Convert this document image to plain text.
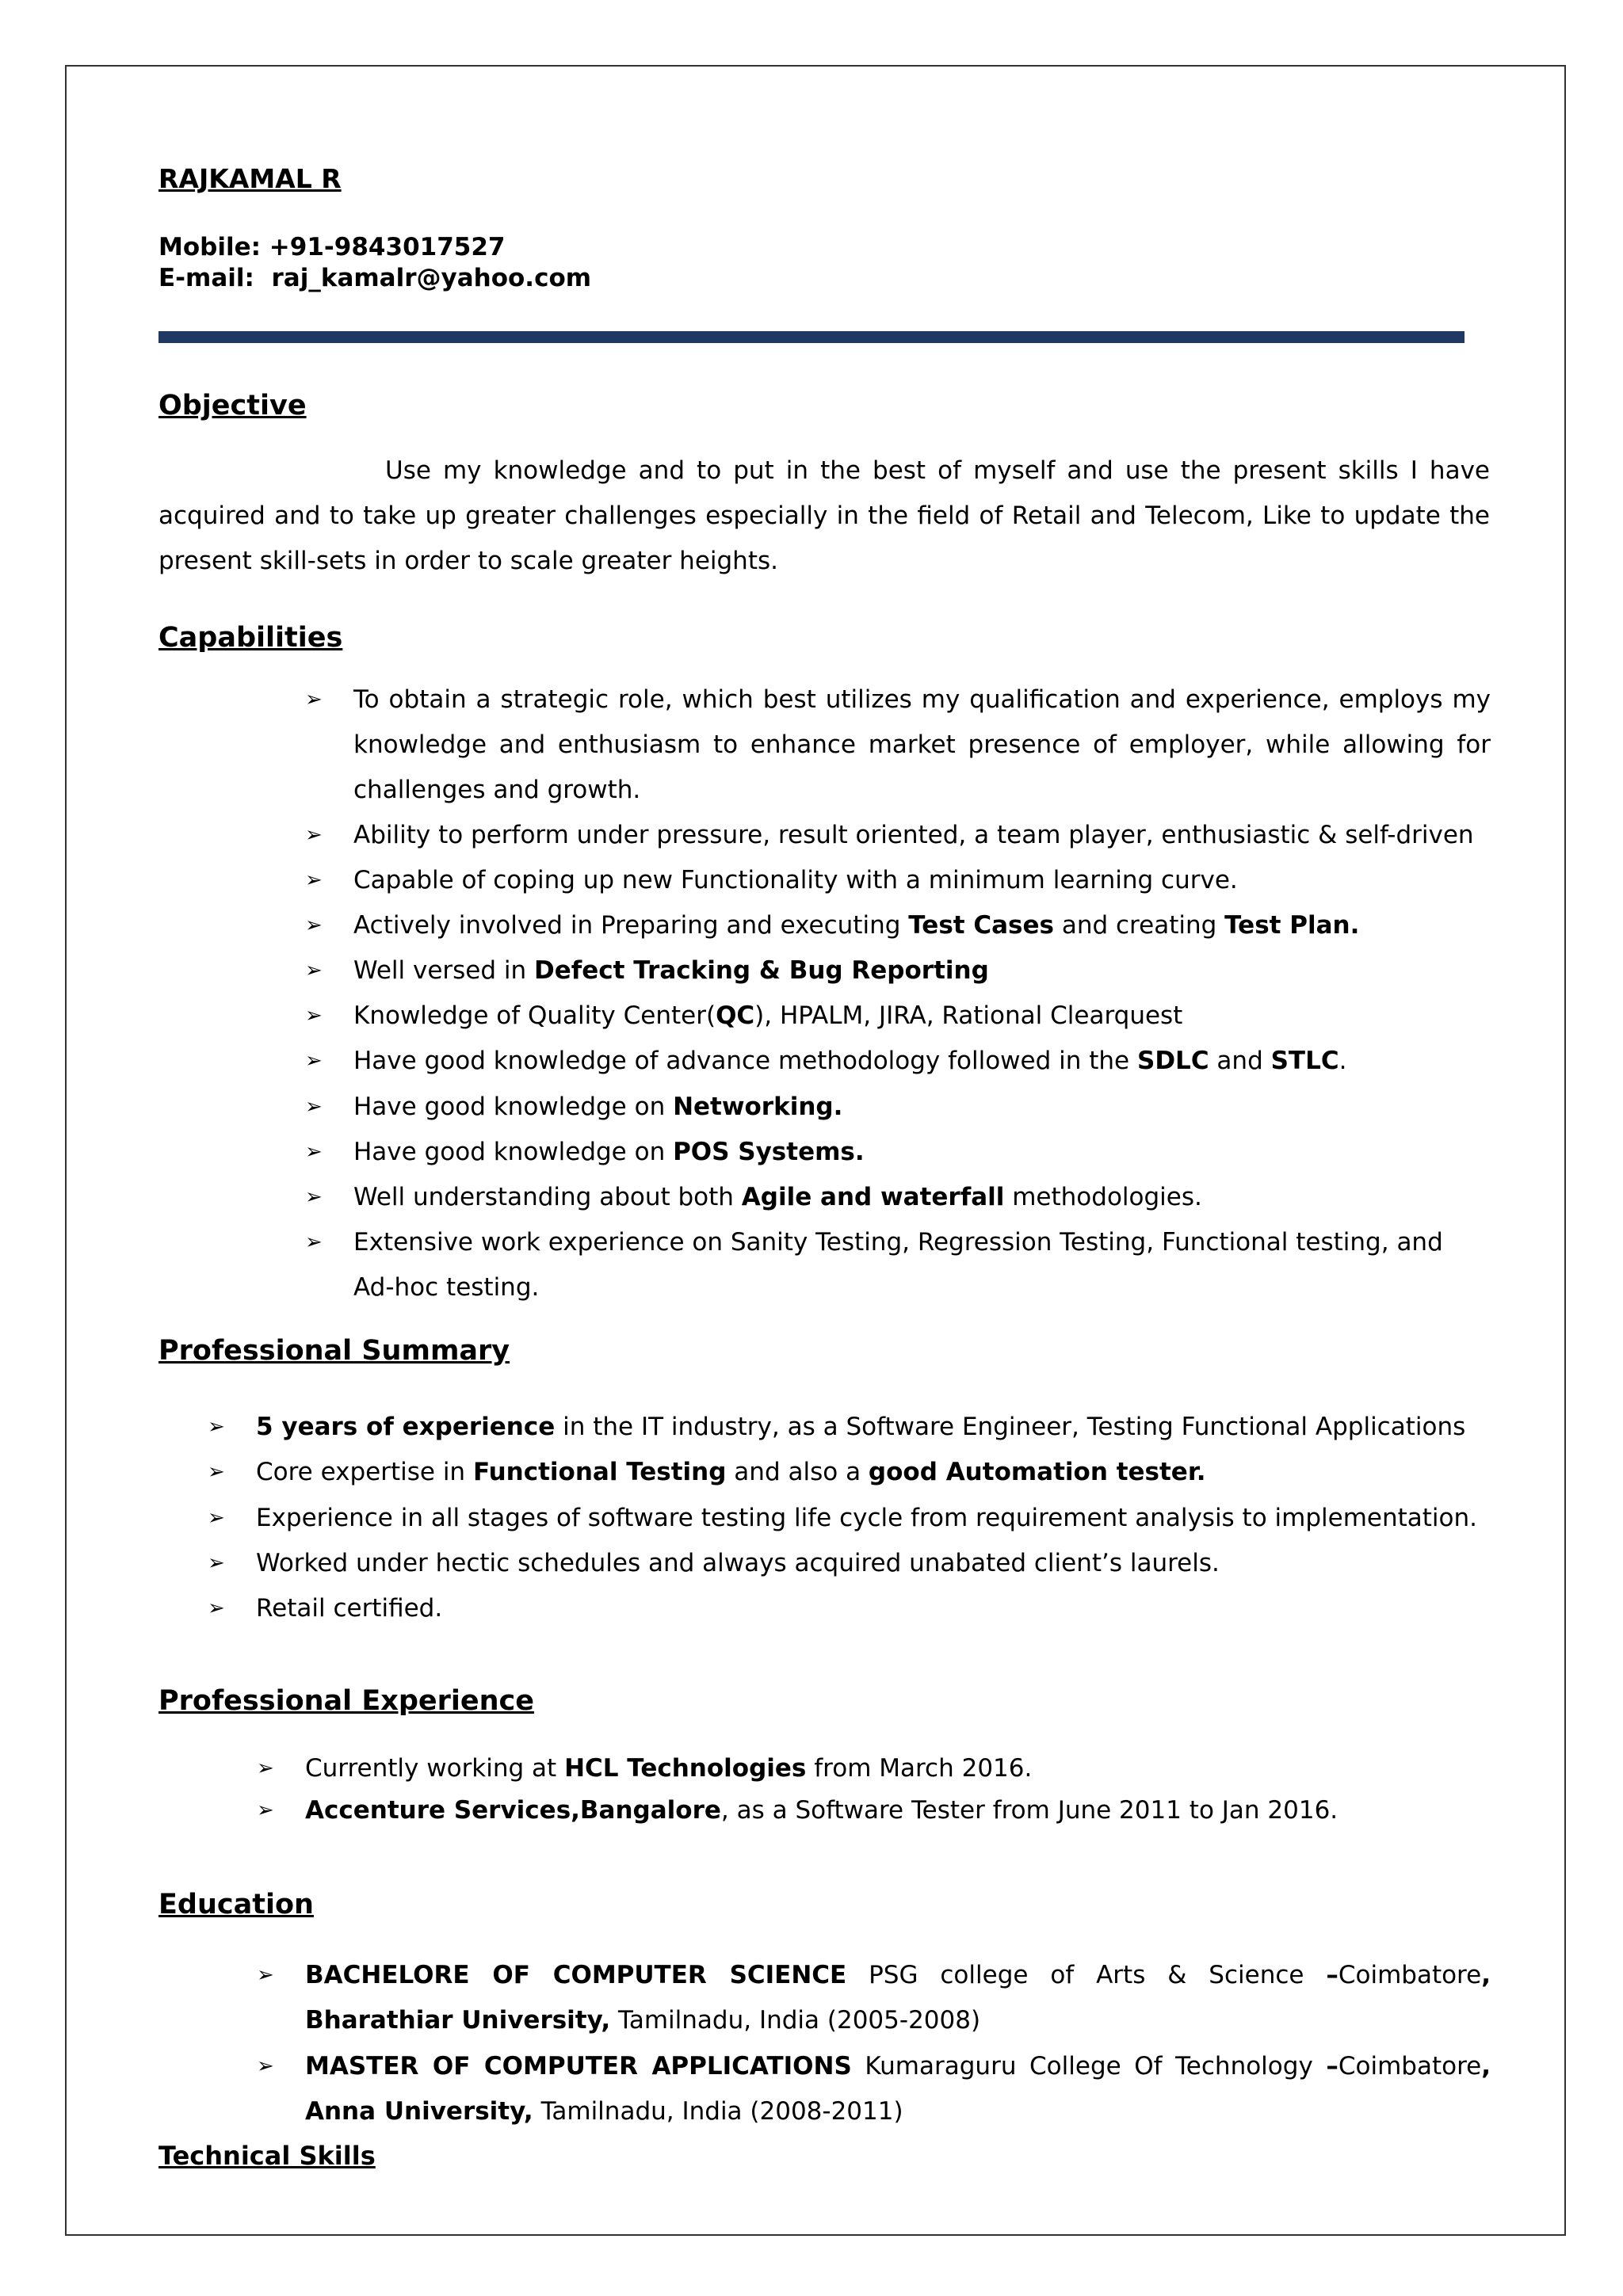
RAJKAMAL R
Mobile: +91-9843017527
E-mail:  raj_kamalr@yahoo.com
Objective
Use my knowledge and to put in the best of myself and use the present skills I have acquired and to take up greater challenges especially in the field of Retail and Telecom, Like to update the present skill-sets in order to scale greater heights.
Capabilities
➢ To obtain a strategic role, which best utilizes my qualification and experience, employs my knowledge and enthusiasm to enhance market presence of employer, while allowing for challenges and growth.
➢ Ability to perform under pressure, result oriented, a team player, enthusiastic & self-driven
➢ Capable of coping up new Functionality with a minimum learning curve.
➢ Actively involved in Preparing and executing Test Cases and creating Test Plan.
➢ Well versed in Defect Tracking & Bug Reporting
➢ Knowledge of Quality Center(QC), HPALM, JIRA, Rational Clearquest
➢ Have good knowledge of advance methodology followed in the SDLC and STLC.
➢ Have good knowledge on Networking.
➢ Have good knowledge on POS Systems.
➢ Well understanding about both Agile and waterfall methodologies.
➢ Extensive work experience on Sanity Testing, Regression Testing, Functional testing, and Ad-hoc testing.
Professional Summary
➢ 5 years of experience in the IT industry, as a Software Engineer, Testing Functional Applications
➢ Core expertise in Functional Testing and also a good Automation tester.
➢ Experience in all stages of software testing life cycle from requirement analysis to implementation.
➢ Worked under hectic schedules and always acquired unabated client’s laurels.
➢ Retail certified.
Professional Experience
➢ Currently working at HCL Technologies from March 2016.
➢ Accenture Services,Bangalore, as a Software Tester from June 2011 to Jan 2016.
Education
➢ BACHELORE OF COMPUTER SCIENCE PSG college of Arts & Science –Coimbatore, Bharathiar University, Tamilnadu, India (2005-2008)
➢ MASTER OF COMPUTER APPLICATIONS Kumaraguru College Of Technology –Coimbatore, Anna University, Tamilnadu, India (2008-2011)
Technical Skills
